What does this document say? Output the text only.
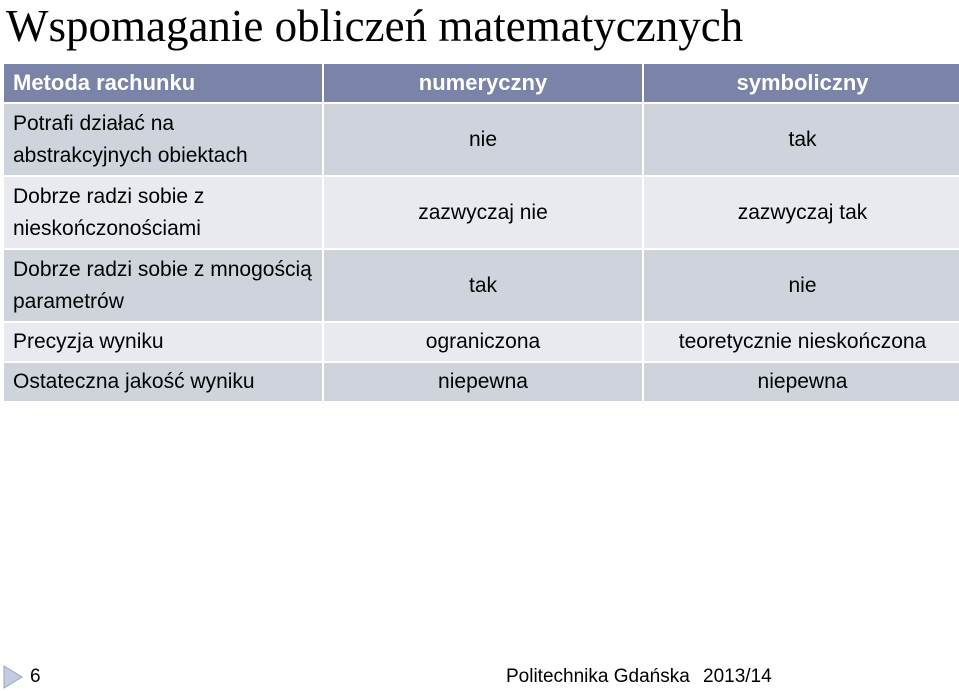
Wspomaganie obliczeń matematycznych
Metoda rachunku	numeryczny	symboliczny
Potrafi działać na abstrakcyjnych obiektach	nie	tak
Dobrze radzi sobie z nieskończonościami	zazwyczaj nie	zazwyczaj tak
Dobrze radzi sobie z mnogością parametrów	tak	nie
Precyzja wyniku	ograniczona	teoretycznie nieskończona
Ostateczna jakość wyniku	niepewna	niepewna
6	Politechnika Gdańska 2013/14
